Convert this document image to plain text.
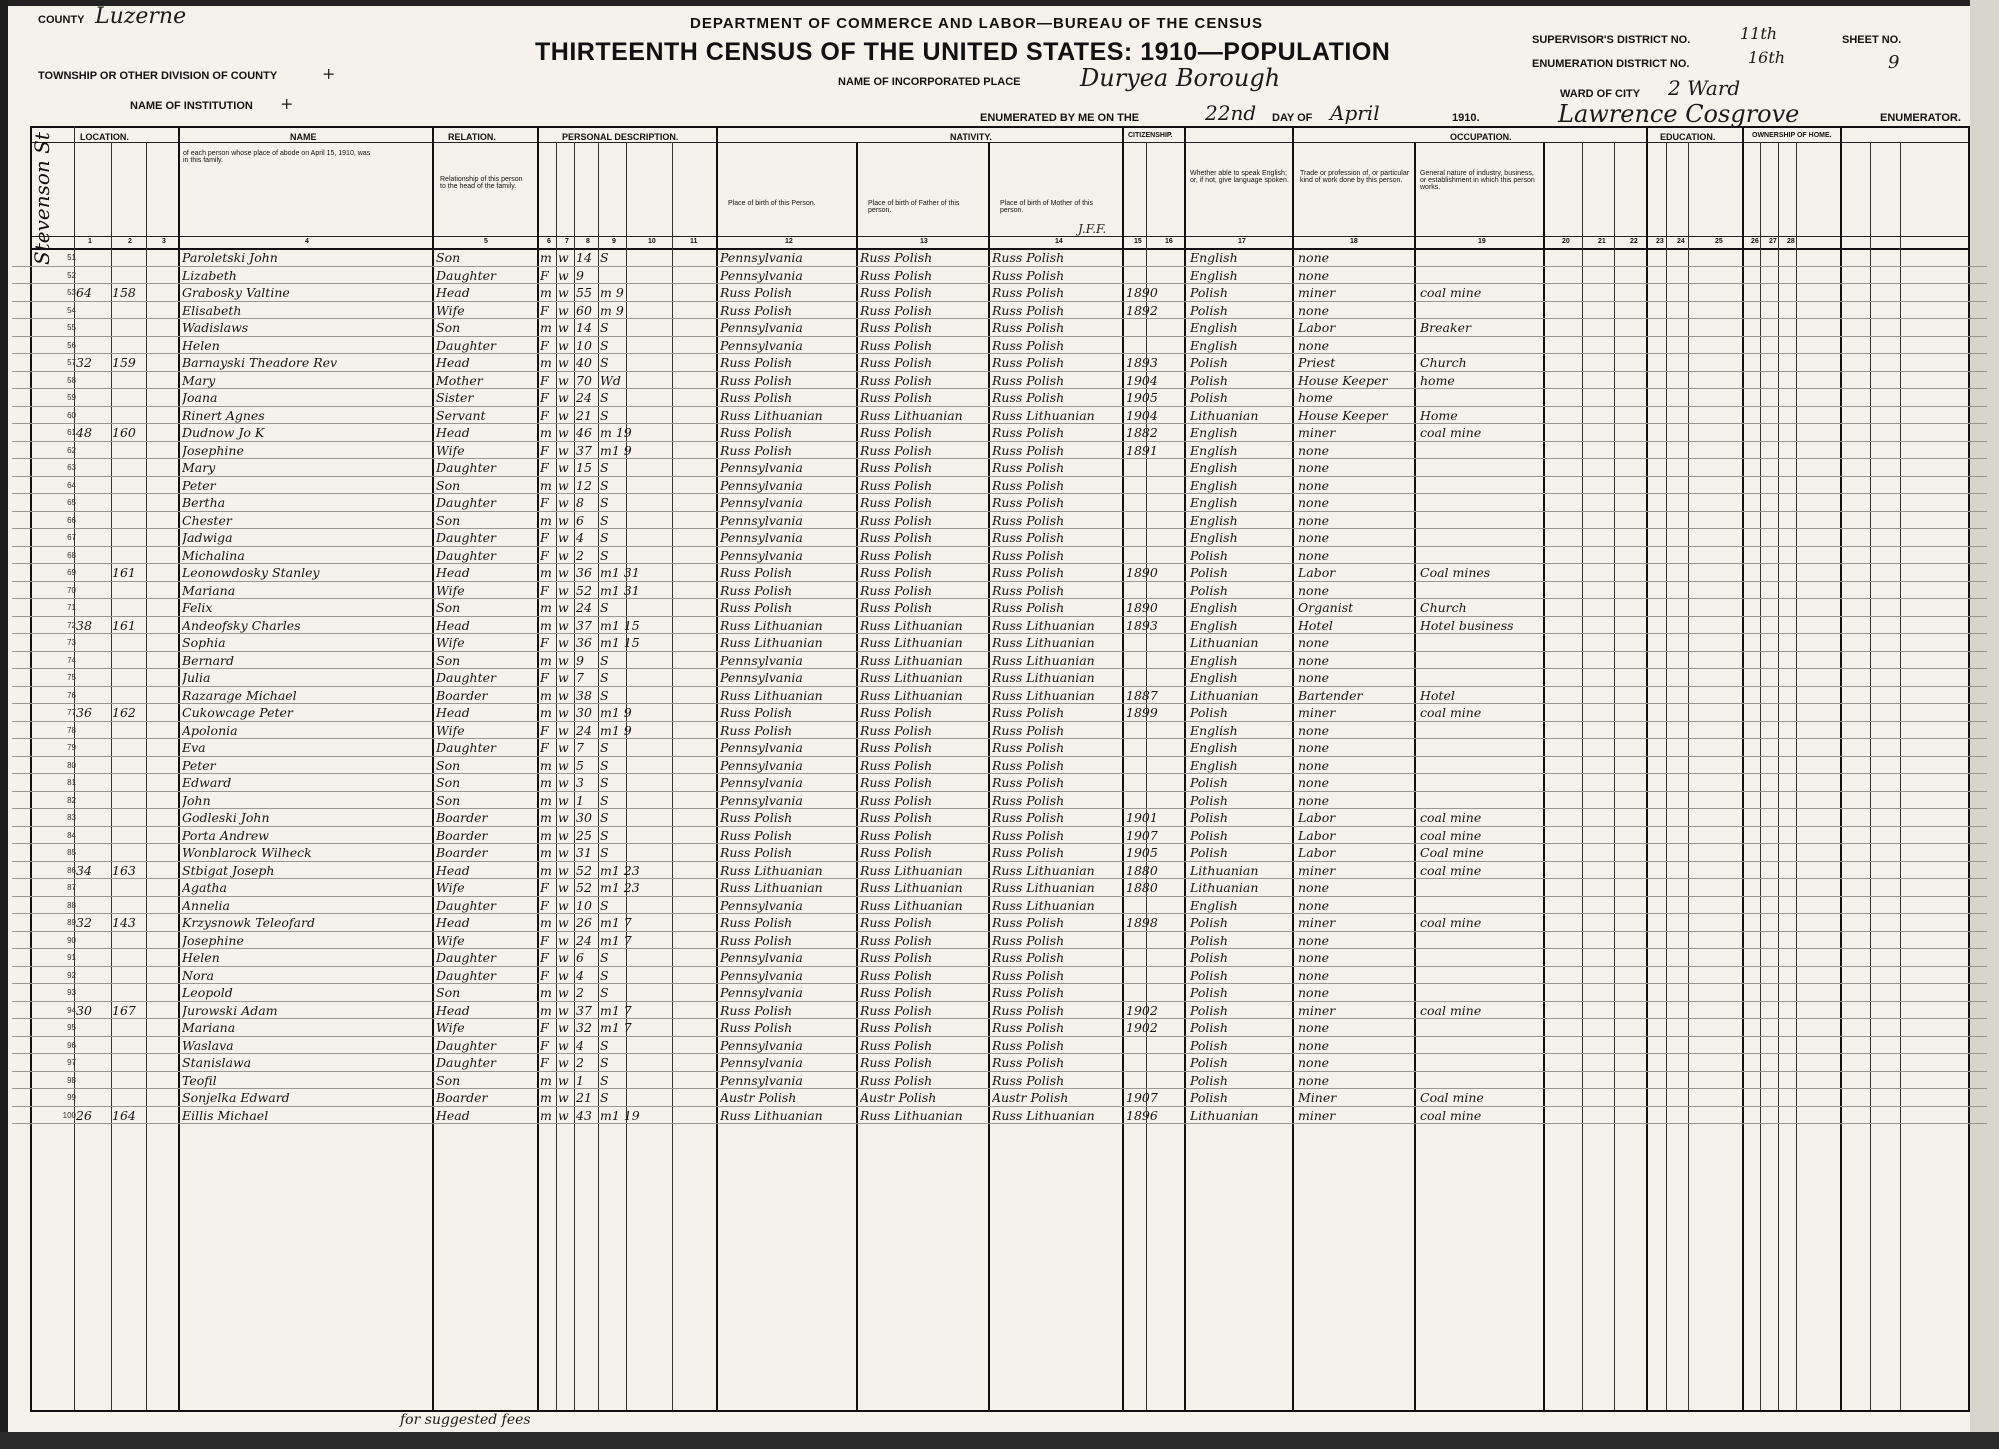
DEPARTMENT OF COMMERCE AND LABOR—BUREAU OF THE CENSUS
THIRTEENTH CENSUS OF THE UNITED STATES: 1910—POPULATION
COUNTY Luzerne
TOWNSHIP OR OTHER DIVISION OF COUNTY	+
NAME OF INSTITUTION +
NAME OF INCORPORATED PLACE Duryea Borough
ENUMERATED BY ME ON THE	22nd DAY OF April	1910.	Lawrence Cosgrove	ENUMERATOR.
SUPERVISOR'S DISTRICT NO.	11th
ENUMERATION DISTRICT NO.	16th
WARD OF CITY 2 Ward
SHEET NO.
9
LOCATION.	NAME	RELATION.	PERSONAL DESCRIPTION.	NATIVITY.	CITIZENSHIP.	OCCUPATION.	EDUCATION.	OWNERSHIP OF HOME.
of each person whose place of abode on April 15, 1910, was in this family.
Relationship of this person to the head of the family.
Place of birth of this Person.	Place of birth of Father of this person.
Place of birth of Mother of this person.
Whether able to speak English; or, if not, give language spoken.
Trade or profession of, or particular kind of work done by this person.
General nature of industry, business, or establishment in which this person works.
J.F.F.
1	2	3	4	5	6 7 8	9	10	11	12	13	14	15	16	17	18	19	20	21	22	23 24	25	26 27 28
Stevenson St	51	Paroletski John	Son	m w 14 S	Pennsylvania	Russ Polish	Russ Polish	English	none
52	Lizabeth	Daughter	F w 9	Pennsylvania	Russ Polish	Russ Polish	English	none
53 64	158	Grabosky Valtine	Head	m w 55 m 9	Russ Polish	Russ Polish	Russ Polish	1890	Polish	miner	coal mine
54	Elisabeth	Wife	F w 60 m 9	Russ Polish	Russ Polish	Russ Polish	1892	Polish	none
55	Wadislaws	Son	m w 14 S	Pennsylvania	Russ Polish	Russ Polish	English	Labor	Breaker
56	Helen	Daughter	F w 10 S	Pennsylvania	Russ Polish	Russ Polish	English	none
57 32	159	Barnayski Theadore Rev	Head	m w 40 S	Russ Polish	Russ Polish	Russ Polish	1893	Polish	Priest	Church
58	Mary	Mother	F w 70 Wd	Russ Polish	Russ Polish	Russ Polish	1904	Polish	House Keeper	home
59	Joana	Sister	F w 24 S	Russ Polish	Russ Polish	Russ Polish	1905	Polish	home
60	Rinert Agnes	Servant	F w 21 S	Russ Lithuanian	Russ Lithuanian	Russ Lithuanian	1904	Lithuanian	House Keeper	Home
61 48	160	Dudnow Jo K	Head	m w 46 m 19	Russ Polish	Russ Polish	Russ Polish	1882	English	miner	coal mine
62	Josephine	Wife	F w 37 m1 9	Russ Polish	Russ Polish	Russ Polish	1891	English	none
63	Mary	Daughter	F w 15 S	Pennsylvania	Russ Polish	Russ Polish	English	none
64	Peter	Son	m w 12 S	Pennsylvania	Russ Polish	Russ Polish	English	none
65	Bertha	Daughter	F w 8	S	Pennsylvania	Russ Polish	Russ Polish	English	none
66	Chester	Son	m w 6	S	Pennsylvania	Russ Polish	Russ Polish	English	none
67	Jadwiga	Daughter	F w 4	S	Pennsylvania	Russ Polish	Russ Polish	English	none
68	Michalina	Daughter	F w 2	S	Pennsylvania	Russ Polish	Russ Polish	Polish	none
69	161	Leonowdosky Stanley	Head	m w 36 m1 31	Russ Polish	Russ Polish	Russ Polish	1890	Polish	Labor	Coal mines
70	Mariana	Wife	F w 52 m1 31	Russ Polish	Russ Polish	Russ Polish	Polish	none
71	Felix	Son	m w 24 S	Russ Polish	Russ Polish	Russ Polish	1890	English	Organist	Church
72 38	161	Andeofsky Charles	Head	m w 37 m1 15	Russ Lithuanian	Russ Lithuanian	Russ Lithuanian	1893	English	Hotel	Hotel business
73	Sophia	Wife	F w 36 m1 15	Russ Lithuanian	Russ Lithuanian	Russ Lithuanian	Lithuanian	none
74	Bernard	Son	m w 9	S	Pennsylvania	Russ Lithuanian	Russ Lithuanian	English	none
75	Julia	Daughter	F w 7	S	Pennsylvania	Russ Lithuanian	Russ Lithuanian	English	none
76	Razarage Michael	Boarder	m w 38 S	Russ Lithuanian	Russ Lithuanian	Russ Lithuanian	1887	Lithuanian	Bartender	Hotel
77 36	162	Cukowcage Peter	Head	m w 30 m1 9	Russ Polish	Russ Polish	Russ Polish	1899	Polish	miner	coal mine
78	Apolonia	Wife	F w 24 m1 9	Russ Polish	Russ Polish	Russ Polish	English	none
79	Eva	Daughter	F w 7	S	Pennsylvania	Russ Polish	Russ Polish	English	none
80	Peter	Son	m w 5	S	Pennsylvania	Russ Polish	Russ Polish	English	none
81	Edward	Son	m w 3	S	Pennsylvania	Russ Polish	Russ Polish	Polish	none
82	John	Son	m w 1	S	Pennsylvania	Russ Polish	Russ Polish	Polish	none
83	Godleski John	Boarder	m w 30 S	Russ Polish	Russ Polish	Russ Polish	1901	Polish	Labor	coal mine
84	Porta Andrew	Boarder	m w 25 S	Russ Polish	Russ Polish	Russ Polish	1907	Polish	Labor	coal mine
85	Wonblarock Wilheck	Boarder	m w 31 S	Russ Polish	Russ Polish	Russ Polish	1905	Polish	Labor	Coal mine
86 34	163	Stbigat Joseph	Head	m w 52 m1 23	Russ Lithuanian	Russ Lithuanian	Russ Lithuanian	1880	Lithuanian	miner	coal mine
87	Agatha	Wife	F w 52 m1 23	Russ Lithuanian	Russ Lithuanian	Russ Lithuanian	1880	Lithuanian	none
88	Annelia	Daughter	F w 10 S	Pennsylvania	Russ Lithuanian	Russ Lithuanian	English	none
89 32	143	Krzysnowk Teleofard	Head	m w 26 m1 7	Russ Polish	Russ Polish	Russ Polish	1898	Polish	miner	coal mine
90	Josephine	Wife	F w 24 m1 7	Russ Polish	Russ Polish	Russ Polish	Polish	none
91	Helen	Daughter	F w 6	S	Pennsylvania	Russ Polish	Russ Polish	Polish	none
92	Nora	Daughter	F w 4	S	Pennsylvania	Russ Polish	Russ Polish	Polish	none
93	Leopold	Son	m w 2	S	Pennsylvania	Russ Polish	Russ Polish	Polish	none
94 30	167	Jurowski Adam	Head	m w 37 m1 7	Russ Polish	Russ Polish	Russ Polish	1902	Polish	miner	coal mine
95	Mariana	Wife	F w 32 m1 7	Russ Polish	Russ Polish	Russ Polish	1902	Polish	none
96	Waslava	Daughter	F w 4	S	Pennsylvania	Russ Polish	Russ Polish	Polish	none
97	Stanislawa	Daughter	F w 2	S	Pennsylvania	Russ Polish	Russ Polish	Polish	none
98	Teofil	Son	m w 1	S	Pennsylvania	Russ Polish	Russ Polish	Polish	none
99	Sonjelka Edward	Boarder	m w 21 S	Austr Polish	Austr Polish	Austr Polish	1907	Polish	Miner	Coal mine
100 26	164	Eillis Michael	Head	m w 43 m1 19	Russ Lithuanian	Russ Lithuanian	Russ Lithuanian	1896	Lithuanian	miner	coal mine
for suggested fees
